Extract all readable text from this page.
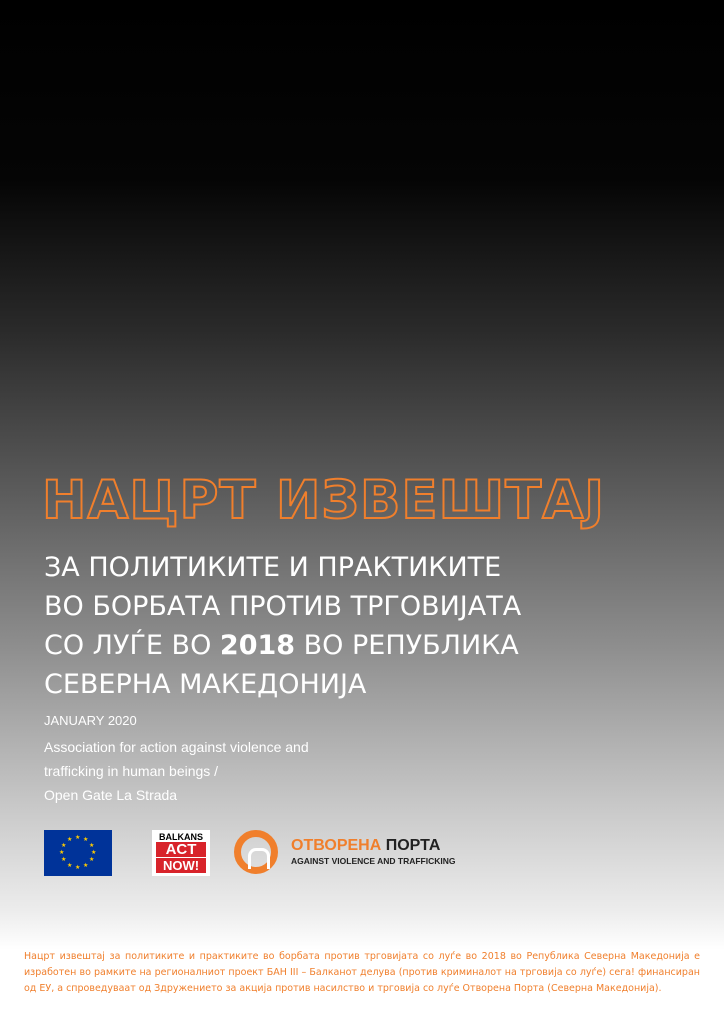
НАЦРТ ИЗВЕШТАЈ
ЗА ПОЛИТИКИТЕ И ПРАКТИКИТЕ
ВО БОРБАТА ПРОТИВ ТРГОВИЈАТА
СО ЛУЃЕ ВО 2018 ВО РЕПУБЛИКА
СЕВЕРНА МАКЕДОНИЈА
JANUARY 2020
Association for action against violence and
trafficking in human beings /
Open Gate La Strada
★ ★
★
★
★
★
★
★
★
★
★
★	BALKANS
ACT
NOW!
ОТВОРЕНА ПОРТА
AGAINST VIOLENCE AND TRAFFICKING
Нацрт извештај за политиките и практиките во борбата против трговијата со луѓе во 2018 во Република Северна Македонија е изработен во рамките на регионалниот проект БАН III – Балканот делува (против криминалот на трговија со луѓе) сега! финансиран од ЕУ, а спроведуваат од Здружението за акција против насилство и трговија со луѓе Отворена Порта (Северна Македонија).
